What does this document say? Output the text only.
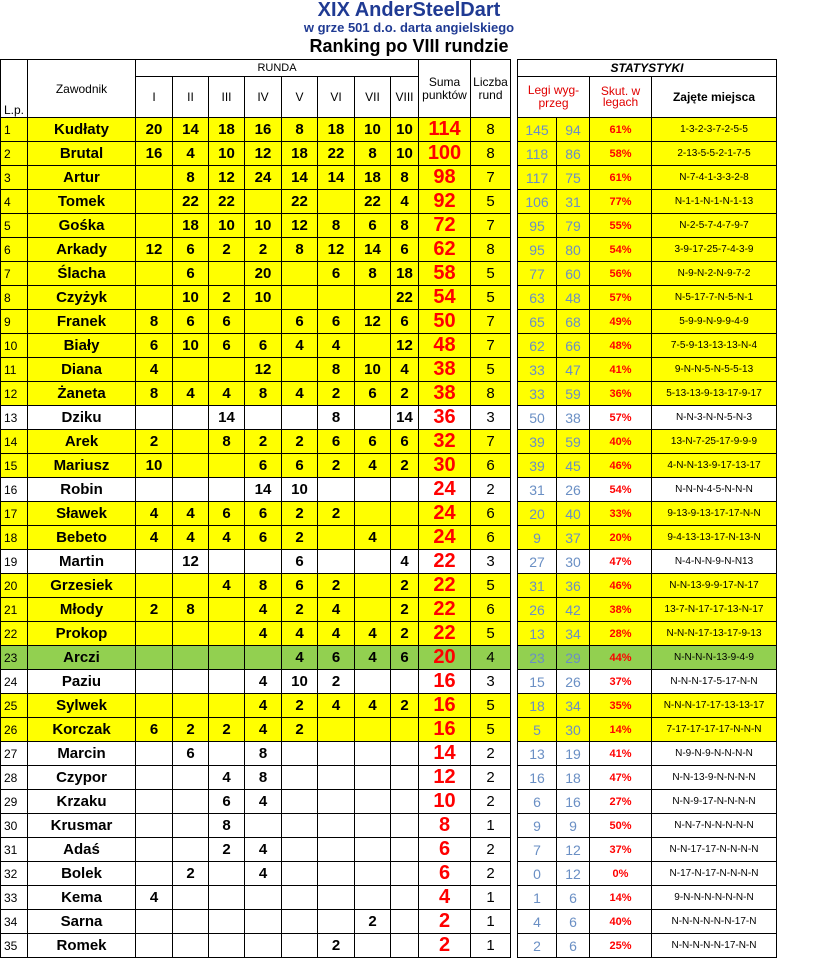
XIX AnderSteelDart
w grze 501 d.o. darta angielskiego
Ranking po VIII rundzie
L.p.	Zawodnik	RUNDA								Suma punktów	Liczba rund		STATYSTYKI			
		I	II	III	IV	V	VI	VII	VIII				Legi wyg-przeg		Skut. w legach	Zajęte miejsca
1	Kudłaty	20	14	18	16	8	18	10	10	114	8		145	94	61%	1-3-2-3-7-2-5-5
2	Brutal	16	4	10	12	18	22	8	10	100	8		118	86	58%	2-13-5-5-2-1-7-5
3	Artur		8	12	24	14	14	18	8	98	7		117	75	61%	N-7-4-1-3-3-2-8
4	Tomek		22	22		22		22	4	92	5		106	31	77%	N-1-1-N-1-N-1-13
5	Gośka		18	10	10	12	8	6	8	72	7		95	79	55%	N-2-5-7-4-7-9-7
6	Arkady	12	6	2	2	8	12	14	6	62	8		95	80	54%	3-9-17-25-7-4-3-9
7	Ślacha		6		20		6	8	18	58	5		77	60	56%	N-9-N-2-N-9-7-2
8	Czyżyk		10	2	10				22	54	5		63	48	57%	N-5-17-7-N-5-N-1
9	Franek	8	6	6		6	6	12	6	50	7		65	68	49%	5-9-9-N-9-9-4-9
10	Biały	6	10	6	6	4	4		12	48	7		62	66	48%	7-5-9-13-13-13-N-4
11	Diana	4			12		8	10	4	38	5		33	47	41%	9-N-N-5-N-5-5-13
12	Żaneta	8	4	4	8	4	2	6	2	38	8		33	59	36%	5-13-13-9-13-17-9-17
13	Dziku			14			8		14	36	3		50	38	57%	N-N-3-N-N-5-N-3
14	Arek	2		8	2	2	6	6	6	32	7		39	59	40%	13-N-7-25-17-9-9-9
15	Mariusz	10			6	6	2	4	2	30	6		39	45	46%	4-N-N-13-9-17-13-17
16	Robin				14	10				24	2		31	26	54%	N-N-N-4-5-N-N-N
17	Sławek	4	4	6	6	2	2			24	6		20	40	33%	9-13-9-13-17-17-N-N
18	Bebeto	4	4	4	6	2		4		24	6		9	37	20%	9-4-13-13-17-N-13-N
19	Martin		12			6			4	22	3		27	30	47%	N-4-N-N-9-N-N13
20	Grzesiek			4	8	6	2		2	22	5		31	36	46%	N-N-13-9-9-17-N-17
21	Młody	2	8		4	2	4		2	22	6		26	42	38%	13-7-N-17-17-13-N-17
22	Prokop				4	4	4	4	2	22	5		13	34	28%	N-N-N-17-13-17-9-13
23	Arczi					4	6	4	6	20	4		23	29	44%	N-N-N-N-13-9-4-9
24	Paziu				4	10	2			16	3		15	26	37%	N-N-N-17-5-17-N-N
25	Sylwek				4	2	4	4	2	16	5		18	34	35%	N-N-N-17-17-13-13-17
26	Korczak	6	2	2	4	2				16	5		5	30	14%	7-17-17-17-17-N-N-N
27	Marcin		6		8					14	2		13	19	41%	N-9-N-9-N-N-N-N
28	Czypor			4	8					12	2		16	18	47%	N-N-13-9-N-N-N-N
29	Krzaku			6	4					10	2		6	16	27%	N-N-9-17-N-N-N-N
30	Krusmar			8						8	1		9	9	50%	N-N-7-N-N-N-N-N
31	Adaś			2	4					6	2		7	12	37%	N-N-17-17-N-N-N-N
32	Bolek		2		4					6	2		0	12	0%	N-17-N-17-N-N-N-N
33	Kema	4								4	1		1	6	14%	9-N-N-N-N-N-N-N
34	Sarna							2		2	1		4	6	40%	N-N-N-N-N-N-17-N
35	Romek						2			2	1		2	6	25%	N-N-N-N-N-17-N-N
